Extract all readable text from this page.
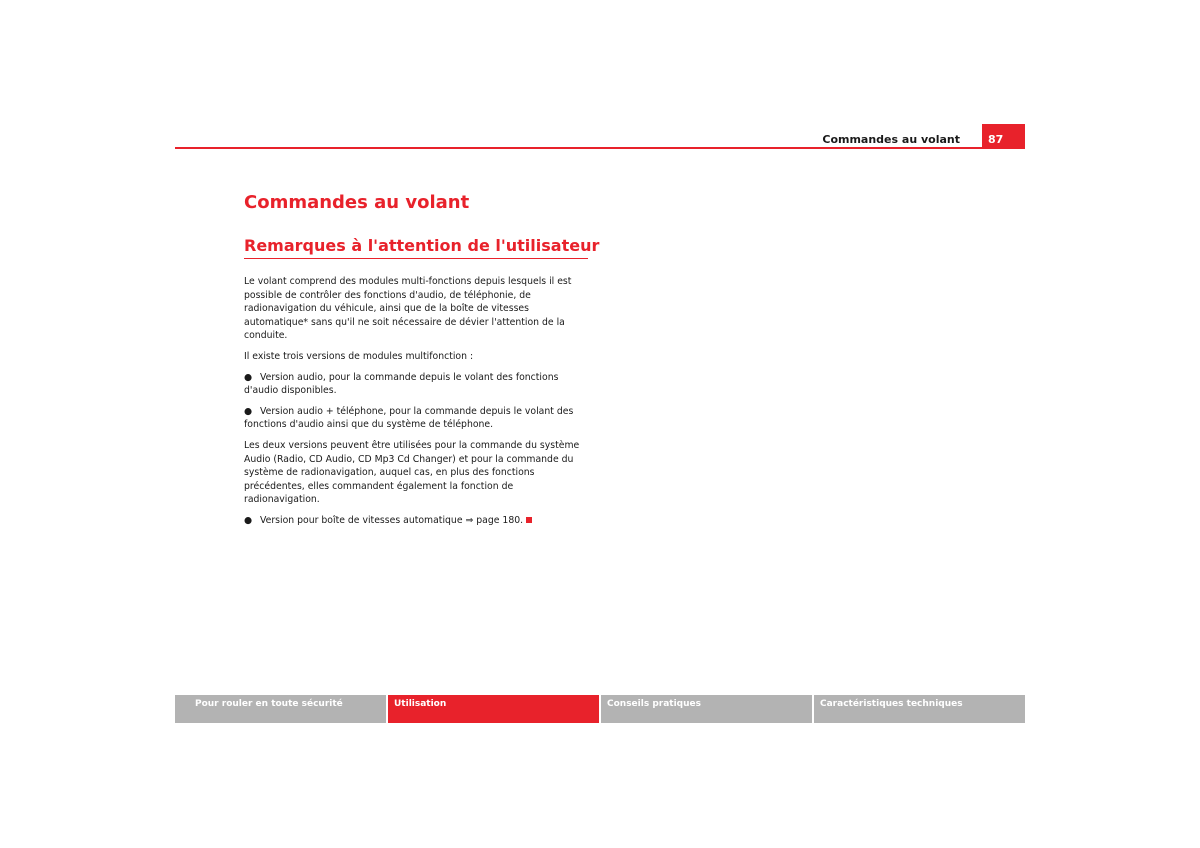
Commandes au volant	87
Commandes au volant
Remarques à l'attention de l'utilisateur

Le volant comprend des modules multi-fonctions depuis lesquels il est possible de contrôler des fonctions d'audio, de téléphonie, de radionavigation du véhicule, ainsi que de la boîte de vitesses automatique* sans qu'il ne soit nécessaire de dévier l'attention de la conduite.

Il existe trois versions de modules multifonction :

● Version audio, pour la commande depuis le volant des fonctions d'audio disponibles.

● Version audio + téléphone, pour la commande depuis le volant des fonctions d'audio ainsi que du système de téléphone.

Les deux versions peuvent être utilisées pour la commande du système Audio (Radio, CD Audio, CD Mp3 Cd Changer) et pour la commande du système de radionavigation, auquel cas, en plus des fonctions précédentes, elles commandent également la fonction de radionavigation.

● Version pour boîte de vitesses automatique ⇒ page 180.

Pour rouler en toute sécurité	Utilisation	Conseils pratiques	Caractéristiques techniques
